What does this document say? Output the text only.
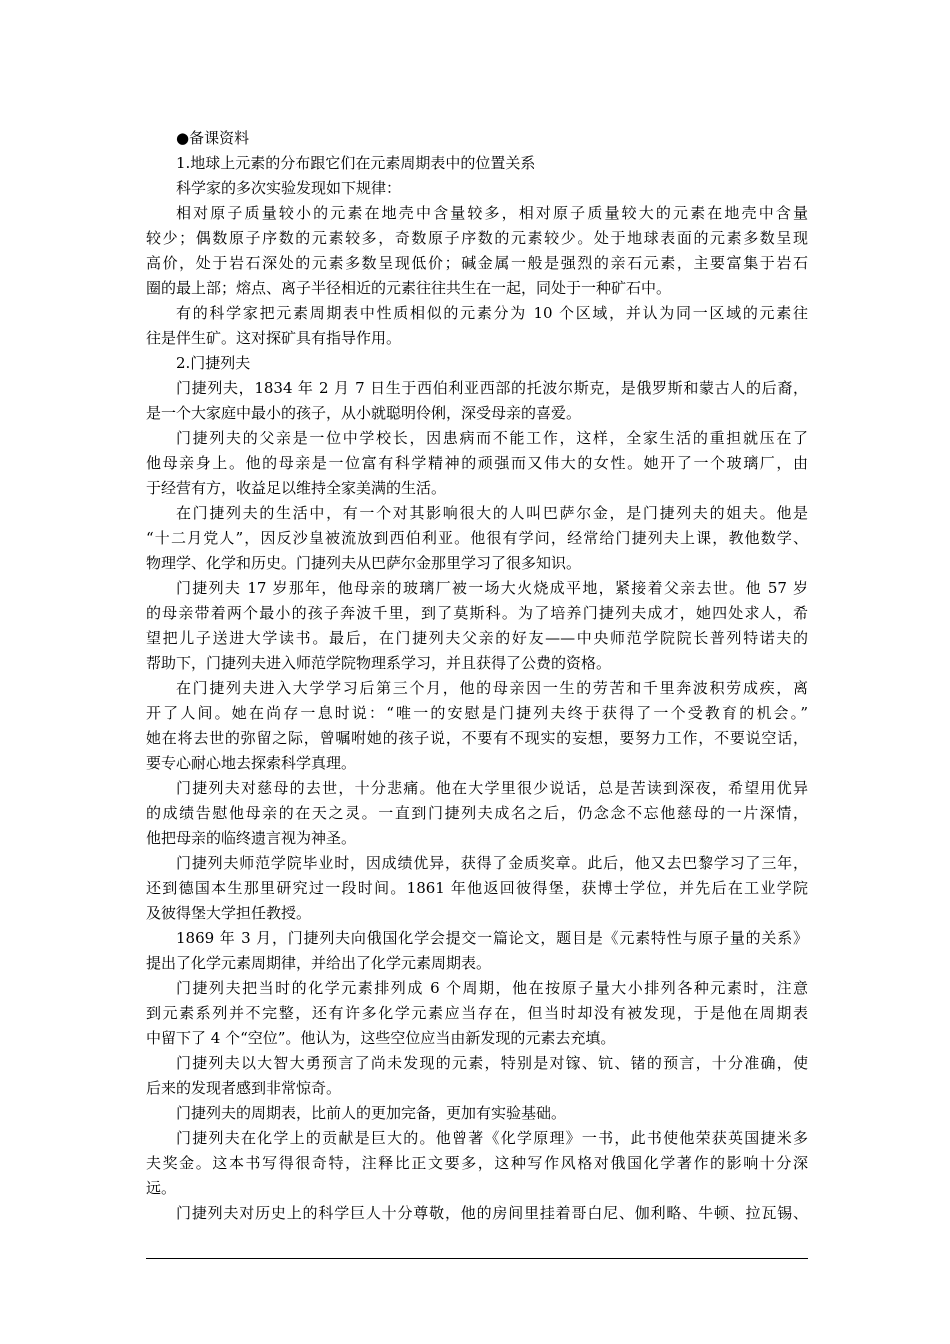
●备课资料

1.地球上元素的分布跟它们在元素周期表中的位置关系

科学家的多次实验发现如下规律：

相对原子质量较小的元素在地壳中含量较多，相对原子质量较大的元素在地壳中含量

较少；偶数原子序数的元素较多，奇数原子序数的元素较少。处于地球表面的元素多数呈现

高价，处于岩石深处的元素多数呈现低价；碱金属一般是强烈的亲石元素，主要富集于岩石

圈的最上部；熔点、离子半径相近的元素往往共生在一起，同处于一种矿石中。

有的科学家把元素周期表中性质相似的元素分为 10 个区域，并认为同一区域的元素往

往是伴生矿。这对探矿具有指导作用。

2.门捷列夫

门捷列夫，1834 年 2 月 7 日生于西伯利亚西部的托波尔斯克，是俄罗斯和蒙古人的后裔，

是一个大家庭中最小的孩子，从小就聪明伶俐，深受母亲的喜爱。

门捷列夫的父亲是一位中学校长，因患病而不能工作，这样，全家生活的重担就压在了

他母亲身上。他的母亲是一位富有科学精神的顽强而又伟大的女性。她开了一个玻璃厂，由

于经营有方，收益足以维持全家美满的生活。

在门捷列夫的生活中，有一个对其影响很大的人叫巴萨尔金，是门捷列夫的姐夫。他是

“十二月党人”，因反沙皇被流放到西伯利亚。他很有学问，经常给门捷列夫上课，教他数学、

物理学、化学和历史。门捷列夫从巴萨尔金那里学习了很多知识。

门捷列夫 17 岁那年，他母亲的玻璃厂被一场大火烧成平地，紧接着父亲去世。他 57 岁

的母亲带着两个最小的孩子奔波千里，到了莫斯科。为了培养门捷列夫成才，她四处求人，希

望把儿子送进大学读书。最后，在门捷列夫父亲的好友——中央师范学院院长普列特诺夫的

帮助下，门捷列夫进入师范学院物理系学习，并且获得了公费的资格。

在门捷列夫进入大学学习后第三个月，他的母亲因一生的劳苦和千里奔波积劳成疾，离

开了人间。她在尚存一息时说：“唯一的安慰是门捷列夫终于获得了一个受教育的机会。”

她在将去世的弥留之际，曾嘱咐她的孩子说，不要有不现实的妄想，要努力工作，不要说空话，

要专心耐心地去探索科学真理。

门捷列夫对慈母的去世，十分悲痛。他在大学里很少说话，总是苦读到深夜，希望用优异

的成绩告慰他母亲的在天之灵。一直到门捷列夫成名之后，仍念念不忘他慈母的一片深情，

他把母亲的临终遗言视为神圣。

门捷列夫师范学院毕业时，因成绩优异，获得了金质奖章。此后，他又去巴黎学习了三年，

还到德国本生那里研究过一段时间。1861 年他返回彼得堡，获博士学位，并先后在工业学院

及彼得堡大学担任教授。

1869 年 3 月，门捷列夫向俄国化学会提交一篇论文，题目是《元素特性与原子量的关系》

提出了化学元素周期律，并给出了化学元素周期表。

门捷列夫把当时的化学元素排列成 6 个周期，他在按原子量大小排列各种元素时，注意

到元素系列并不完整，还有许多化学元素应当存在，但当时却没有被发现，于是他在周期表

中留下了 4 个“空位”。他认为，这些空位应当由新发现的元素去充填。

门捷列夫以大智大勇预言了尚未发现的元素，特别是对镓、钪、锗的预言，十分准确，使

后来的发现者感到非常惊奇。

门捷列夫的周期表，比前人的更加完备，更加有实验基础。

门捷列夫在化学上的贡献是巨大的。他曾著《化学原理》一书，此书使他荣获英国捷米多

夫奖金。这本书写得很奇特，注释比正文要多，这种写作风格对俄国化学著作的影响十分深

远。

门捷列夫对历史上的科学巨人十分尊敬，他的房间里挂着哥白尼、伽利略、牛顿、拉瓦锡、
